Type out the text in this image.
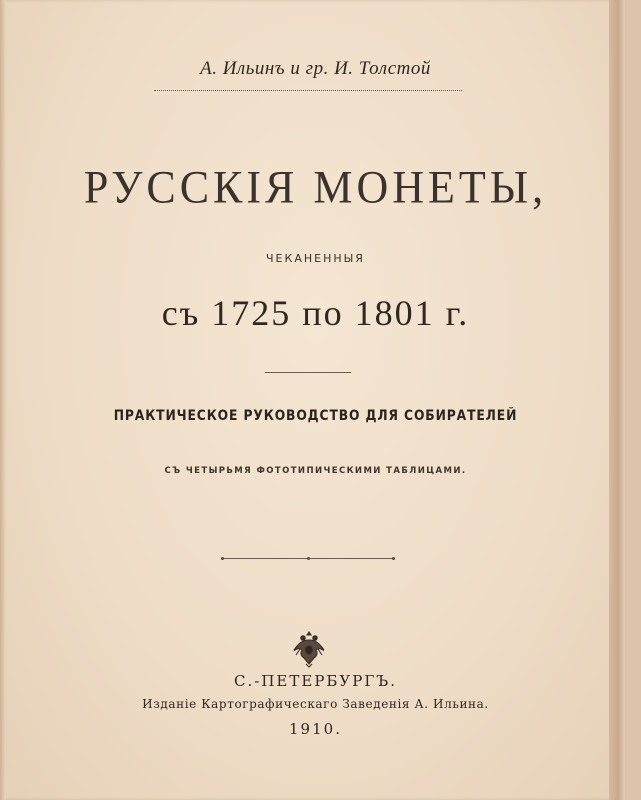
А. Ильинъ и гр. И. Толстой
РУССКІЯ МОНЕТЫ,
ЧЕКАНЕННЫЯ
съ 1725 по 1801 г.
ПРАКТИЧЕСКОЕ РУКОВОДСТВО ДЛЯ СОБИРАТЕЛЕЙ
СЪ ЧЕТЫРЬМЯ ФОТОТИПИЧЕСКИМИ ТАБЛИЦАМИ.
С.-ПЕТЕРБУРГЪ.
Изданіе Картографическаго Заведенія А. Ильина.
1910.
